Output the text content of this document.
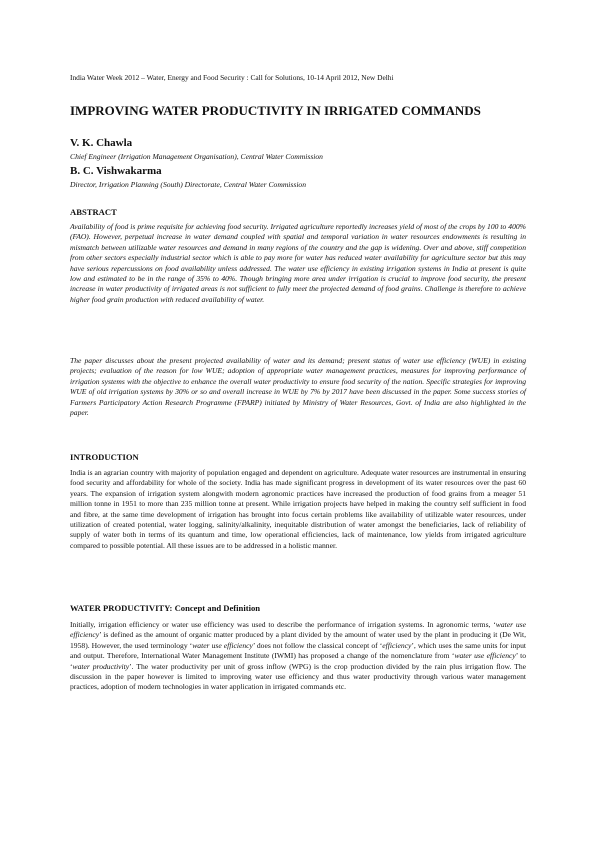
India Water Week 2012 – Water, Energy and Food Security : Call for Solutions, 10-14 April 2012, New Delhi
IMPROVING WATER PRODUCTIVITY IN IRRIGATED COMMANDS
V. K. Chawla
Chief Engineer (Irrigation Management Organisation), Central Water Commission
B. C. Vishwakarma
Director, Irrigation Planning (South) Directorate, Central Water Commission
ABSTRACT

Availability of food is prime requisite for achieving food security. Irrigated agriculture reportedly increases yield of most of the crops by 100 to 400% (FAO). However, perpetual increase in water demand coupled with spatial and temporal variation in water resources endowments is resulting in mismatch between utilizable water resources and demand in many regions of the country and the gap is widening. Over and above, stiff competition from other sectors especially industrial sector which is able to pay more for water has reduced water availability for agriculture sector but this may have serious repercussions on food availability unless addressed. The water use efficiency in existing irrigation systems in India at present is quite low and estimated to be in the range of 35% to 40%. Though bringing more area under irrigation is crucial to improve food security, the present increase in water productivity of irrigated areas is not sufficient to fully meet the projected demand of food grains. Challenge is therefore to achieve higher food grain production with reduced availability of water.

The paper discusses about the present projected availability of water and its demand; present status of water use efficiency (WUE) in existing projects; evaluation of the reason for low WUE; adoption of appropriate water management practices, measures for improving performance of irrigation systems with the objective to enhance the overall water productivity to ensure food security of the nation. Specific strategies for improving WUE of old irrigation systems by 30% or so and overall increase in WUE by 7% by 2017 have been discussed in the paper. Some success stories of Farmers Participatory Action Research Programme (FPARP) initiated by Ministry of Water Resources, Govt. of India are also highlighted in the paper.

INTRODUCTION

India is an agrarian country with majority of population engaged and dependent on agriculture. Adequate water resources are instrumental in ensuring food security and affordability for whole of the society. India has made significant progress in development of its water resources over the past 60 years. The expansion of irrigation system alongwith modern agronomic practices have increased the production of food grains from a meager 51 million tonne in 1951 to more than 235 million tonne at present. While irrigation projects have helped in making the country self sufficient in food and fibre, at the same time development of irrigation has brought into focus certain problems like availability of utilizable water resources, under utilization of created potential, water logging, salinity/alkalinity, inequitable distribution of water amongst the beneficiaries, lack of reliability of supply of water both in terms of its quantum and time, low operational efficiencies, lack of maintenance, low yields from irrigated agriculture compared to possible potential. All these issues are to be addressed in a holistic manner.

WATER PRODUCTIVITY: Concept and Definition

Initially, irrigation efficiency or water use efficiency was used to describe the performance of irrigation systems. In agronomic terms, ‘water use efficiency’ is defined as the amount of organic matter produced by a plant divided by the amount of water used by the plant in producing it (De Wit, 1958). However, the used terminology ‘water use efficiency’ does not follow the classical concept of ‘efficiency’, which uses the same units for input and output. Therefore, International Water Management Institute (IWMI) has proposed a change of the nomenclature from ‘water use efficiency’ to ‘water productivity’. The water productivity per unit of gross inflow (WPG) is the crop production divided by the rain plus irrigation flow. The discussion in the paper however is limited to improving water use efficiency and thus water productivity through various water management practices, adoption of modern technologies in water application in irrigated commands etc.
